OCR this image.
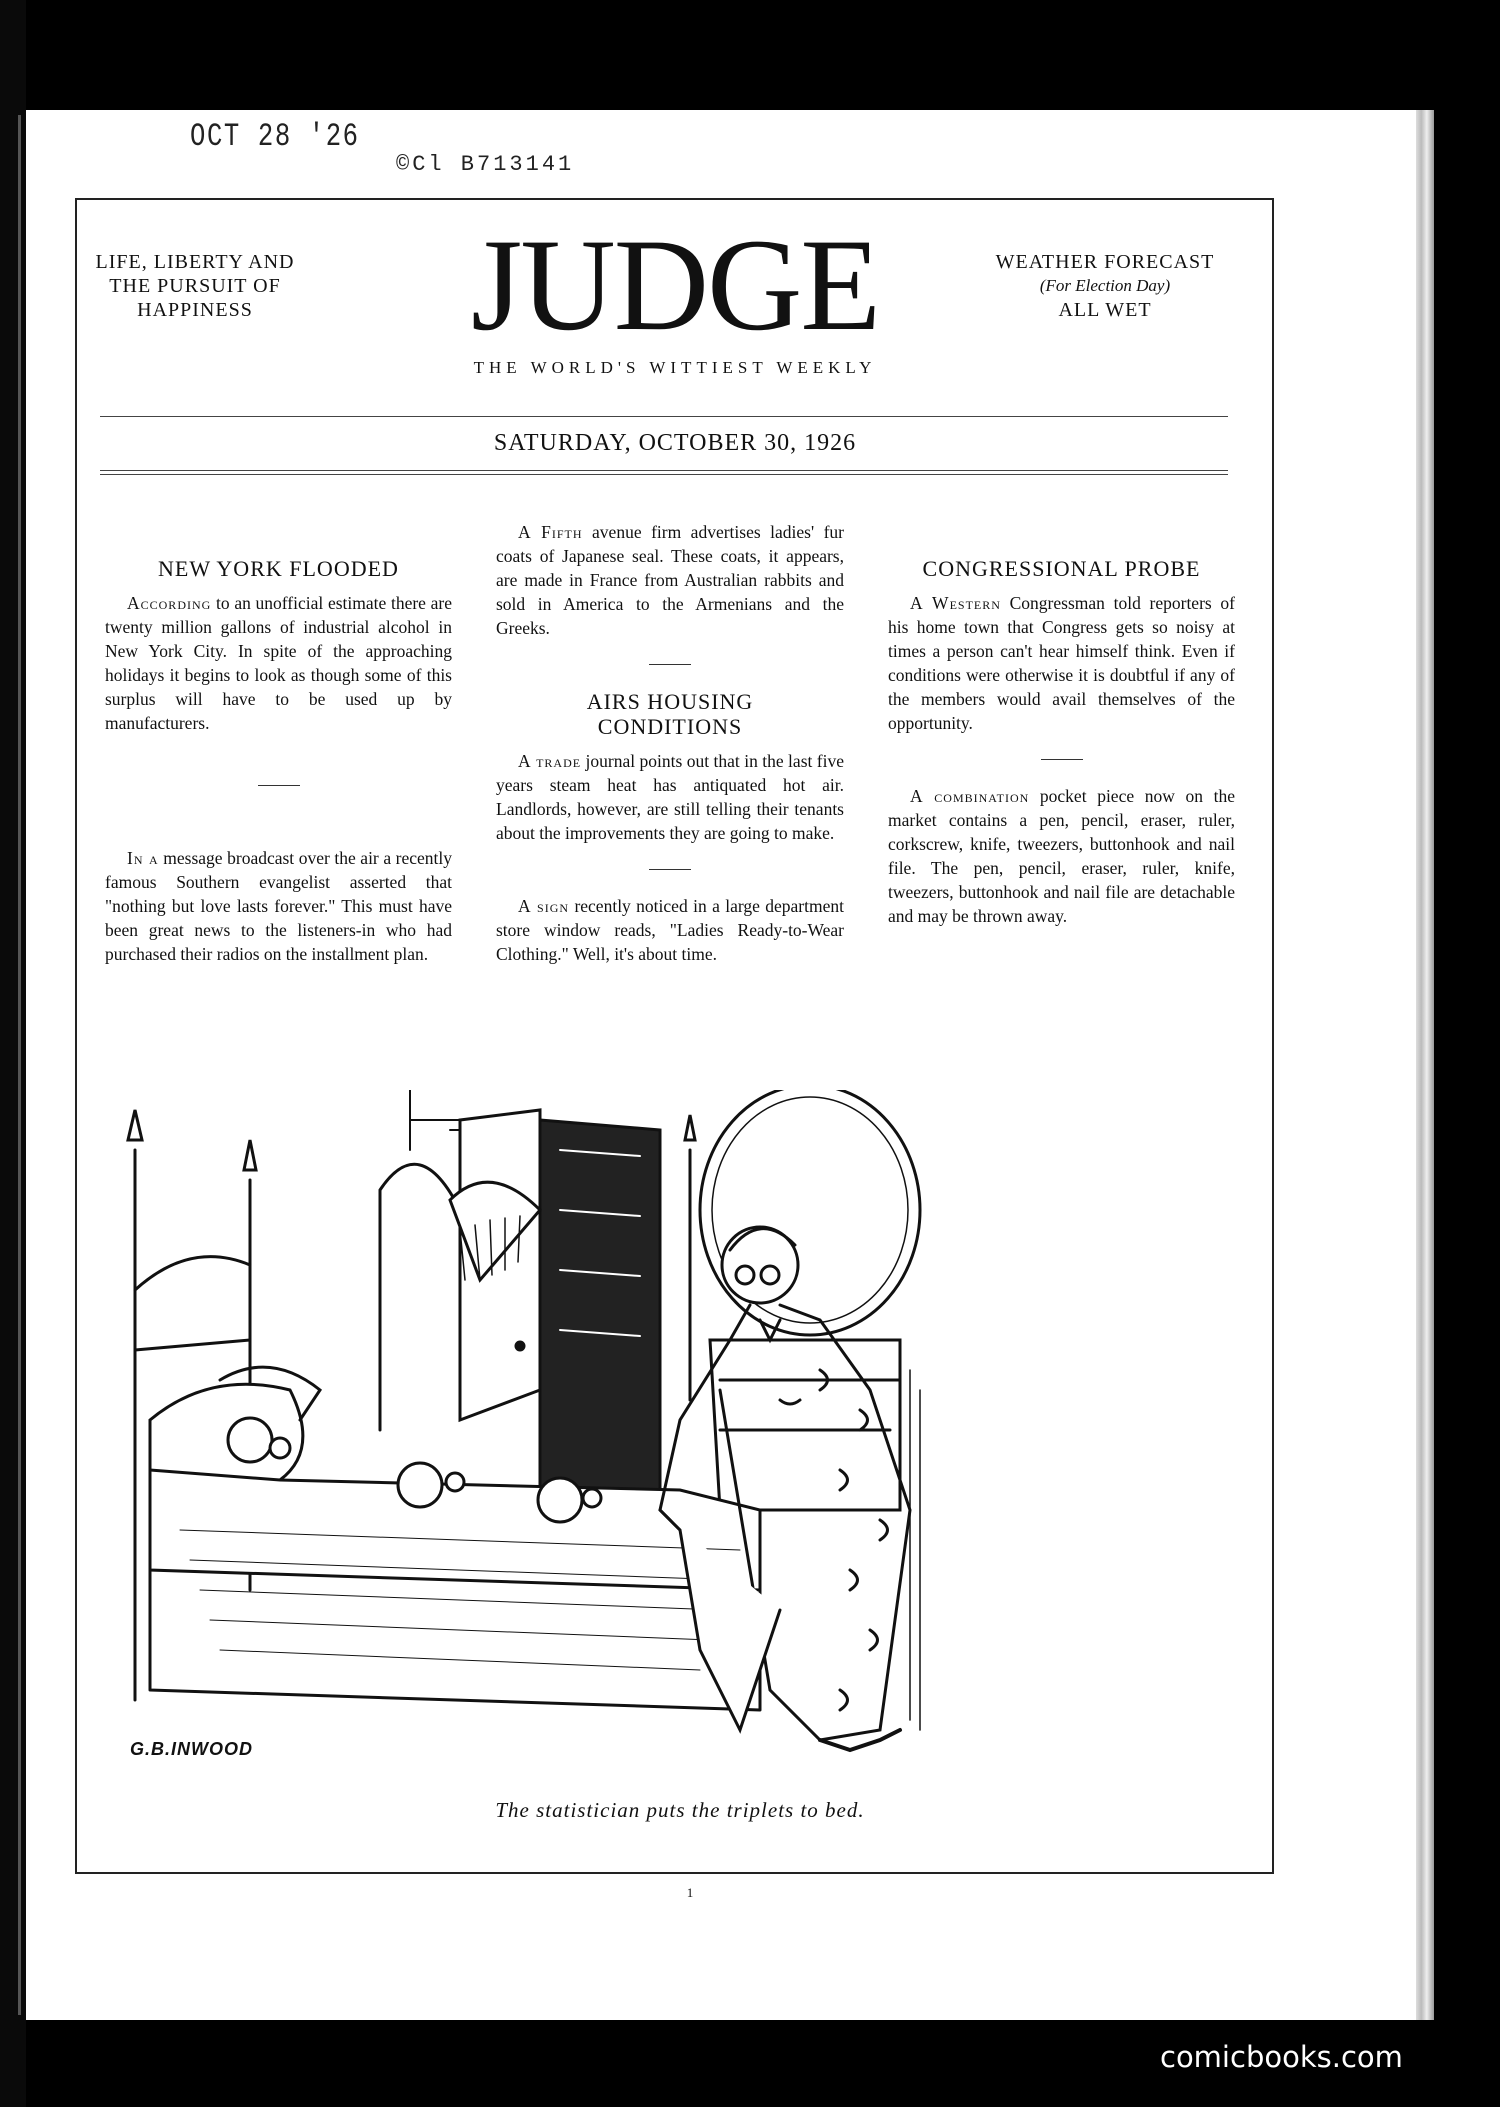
OCT 28 '26
©Cl B713141
LIFE, LIBERTY AND
THE PURSUIT OF
HAPPINESS	JUDGE
THE WORLD'S WITTIEST WEEKLY
WEATHER FORECAST
(For Election Day)
ALL WET
SATURDAY, OCTOBER 30, 1926
NEW YORK FLOODED

According to an unofficial estimate there are twenty million gallons of industrial alcohol in New York City. In spite of the approaching holidays it begins to look as though some of this surplus will have to be used up by manufacturers.

In a message broadcast over the air a recently famous Southern evangelist asserted that "nothing but love lasts forever." This must have been great news to the listeners-in who had purchased their radios on the installment plan.

A Fifth avenue firm advertises ladies' fur coats of Japanese seal. These coats, it appears, are made in France from Australian rabbits and sold in America to the Armenians and the Greeks.

AIRS HOUSING CONDITIONS

A trade journal points out that in the last five years steam heat has antiquated hot air. Landlords, however, are still telling their tenants about the improvements they are going to make.

A sign recently noticed in a large department store window reads, "Ladies Ready-to-Wear Clothing." Well, it's about time.

CONGRESSIONAL PROBE

A Western Congressman told reporters of his home town that Congress gets so noisy at times a person can't hear himself think. Even if conditions were otherwise it is doubtful if any of the members would avail themselves of the opportunity.

A combination pocket piece now on the market contains a pen, pencil, eraser, ruler, corkscrew, knife, tweezers, buttonhook and nail file. The pen, pencil, eraser, ruler, knife, tweezers, buttonhook and nail file are detachable and may be thrown away.

G.B.INWOOD
The statistician puts the triplets to bed.
1
comicbooks.com
